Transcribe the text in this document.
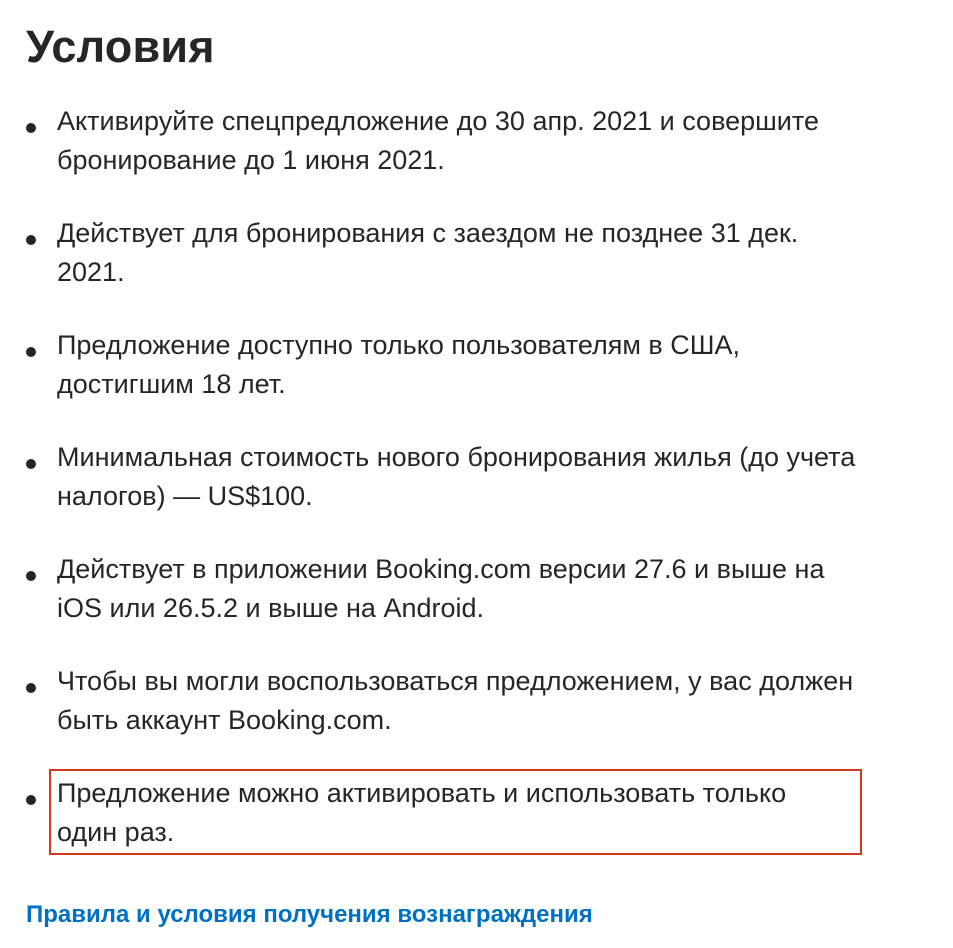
Условия
Активируйте спецпредложение до 30 апр. 2021 и совершите
бронирование до 1 июня 2021.
Действует для бронирования с заездом не позднее 31 дек.
2021.
Предложение доступно только пользователям в США,
достигшим 18 лет.
Минимальная стоимость нового бронирования жилья (до учета
налогов) — US$100.
Действует в приложении Booking.com версии 27.6 и выше на
iOS или 26.5.2 и выше на Android.
Чтобы вы могли воспользоваться предложением, у вас должен
быть аккаунт Booking.com.
Предложение можно активировать и использовать только
один раз.
Правила и условия получения вознаграждения
